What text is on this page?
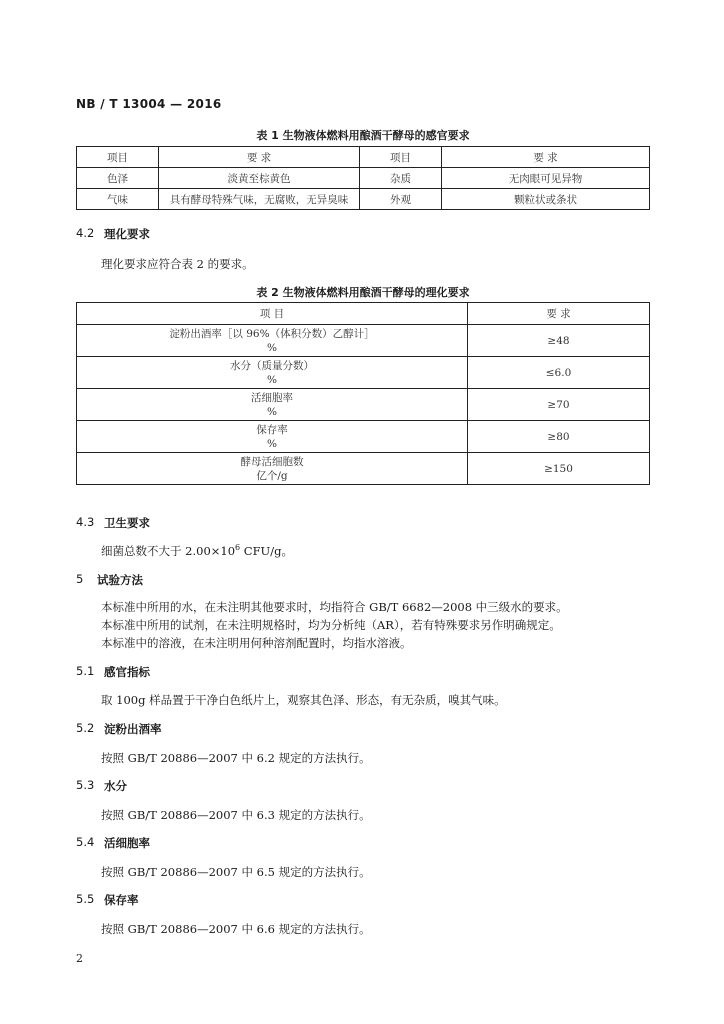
NB / T 13004 — 2016
表 1 生物液体燃料用酿酒干酵母的感官要求
项目	要 求	项目	要 求
色泽	淡黄至棕黄色	杂质	无肉眼可见异物
气味	具有酵母特殊气味，无腐败，无异臭味	外观	颗粒状或条状
4.2 理化要求
理化要求应符合表 2 的要求。
表 2 生物液体燃料用酿酒干酵母的理化要求
项 目	要 求

淀粉出酒率［以 96%（体积分数）乙醇计］
%	≥48

水分（质量分数）
%	≤6.0

活细胞率
%	≥70

保存率
%	≥80

酵母活细胞数
亿个/g	≥150
4.3 卫生要求
细菌总数不大于 $2.00\times 10^6$ CFU/g。
5 试验方法
本标准中所用的水，在未注明其他要求时，均指符合 GB/T 6682—2008 中三级水的要求。
本标准中所用的试剂，在未注明规格时，均为分析纯（AR），若有特殊要求另作明确规定。
本标准中的溶液，在未注明用何种溶剂配置时，均指水溶液。
5.1 感官指标
取 100g 样品置于干净白色纸片上，观察其色泽、形态，有无杂质，嗅其气味。
5.2 淀粉出酒率
按照 GB/T 20886—2007 中 6.2 规定的方法执行。
5.3 水分
按照 GB/T 20886—2007 中 6.3 规定的方法执行。
5.4 活细胞率
按照 GB/T 20886—2007 中 6.5 规定的方法执行。
5.5 保存率
按照 GB/T 20886—2007 中 6.6 规定的方法执行。
2
